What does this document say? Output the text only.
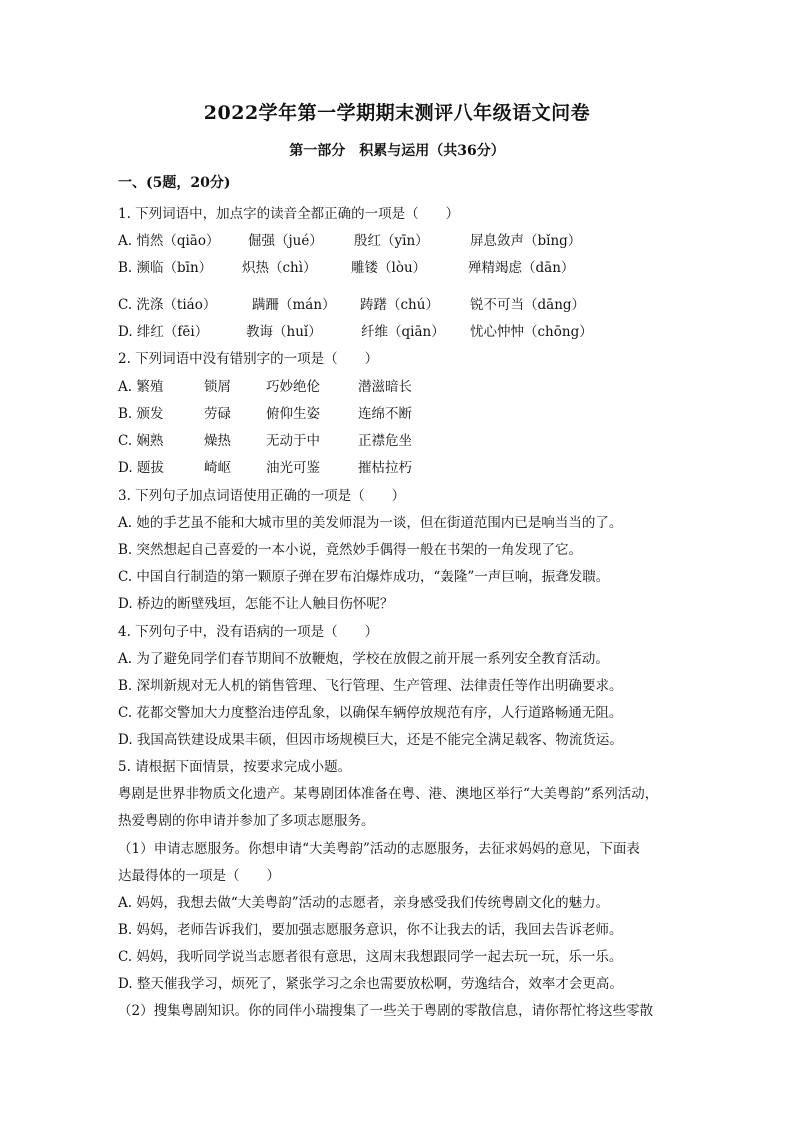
2022学年第一学期期末测评八年级语文问卷
第一部分　积累与运用（共36分）
一、(5题，20分)
1. 下列词语中，加点字的读音全都正确的一项是（　　）
A. 悄然（qiāo） 倔强（jué） 殷红（yīn）	屏息敛声（bǐng）
B. 濒临（bīn） 炽热（chì）	雕镂（lòu）	殚精竭虑（dān）
C. 洗涤（tiáo）	蹒跚（mán） 踌躇（chú） 锐不可当（dāng）
D. 绯红（fēi）	教诲（huǐ）	纤维（qiān） 忧心忡忡（chōng）
2. 下列词语中没有错别字的一项是（　　）
A. 繁殖	锁屑	巧妙绝伦	潜滋暗长
B. 颁发	劳碌	俯仰生姿	连绵不断
C. 娴熟	燥热	无动于中	正襟危坐
D. 题拔	崎岖	油光可鉴	摧枯拉朽
3. 下列句子加点词语使用正确的一项是（　　）
A. 她的手艺虽不能和大城市里的美发师混为一谈，但在街道范围内已是响当当的了。
B. 突然想起自己喜爱的一本小说，竟然妙手偶得一般在书架的一角发现了它。
C. 中国自行制造的第一颗原子弹在罗布泊爆炸成功，“轰隆”一声巨响，振聋发聩。
D. 桥边的断壁残垣，怎能不让人触目伤怀呢？
4. 下列句子中，没有语病的一项是（　　）
A. 为了避免同学们春节期间不放鞭炮，学校在放假之前开展一系列安全教育活动。
B. 深圳新规对无人机的销售管理、飞行管理、生产管理、法律责任等作出明确要求。
C. 花都交警加大力度整治违停乱象，以确保车辆停放规范有序，人行道路畅通无阻。
D. 我国高铁建设成果丰硕，但因市场规模巨大，还是不能完全满足载客、物流货运。
5. 请根据下面情景，按要求完成小题。
粤剧是世界非物质文化遗产。某粤剧团体准备在粤、港、澳地区举行“大美粤韵”系列活动，
热爱粤剧的你申请并参加了多项志愿服务。
（1）申请志愿服务。你想申请“大美粤韵”活动的志愿服务，去征求妈妈的意见，下面表
达最得体的一项是（　　）
A. 妈妈，我想去做“大美粤韵”活动的志愿者，亲身感受我们传统粤剧文化的魅力。
B. 妈妈，老师告诉我们，要加强志愿服务意识，你不让我去的话，我回去告诉老师。
C. 妈妈，我听同学说当志愿者很有意思，这周末我想跟同学一起去玩一玩，乐一乐。
D. 整天催我学习，烦死了，紧张学习之余也需要放松啊，劳逸结合，效率才会更高。
（2）搜集粤剧知识。你的同伴小瑞搜集了一些关于粤剧的零散信息，请你帮忙将这些零散
